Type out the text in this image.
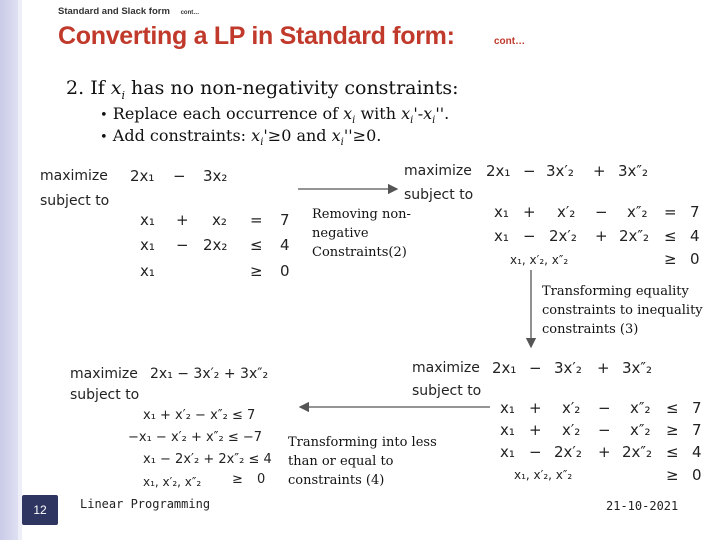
Standard and Slack form cont…
Converting a LP in Standard form:	cont…
2. If $x_i$ has no non-negativity constraints:
• Replace each occurrence of $x_i$ with $x_i'-x_i''$.
• Add constraints: $x_i'\ge 0$ and $x_i''\ge 0$.
maximize
subject to
2x₁ − 3x₂
x₁ + x₂ = 7
x₁ − 2x₂ ≤ 4
x₁	≥ 0
maximize
subject to
2x₁ − 3x′₂ + 3x″₂
x₁ + x′₂ − x″₂ = 7
x₁ − 2x′₂ + 2x″₂ ≤ 4
x₁, x′₂, x″₂	≥ 0
maximize
subject to
2x₁ − 3x′₂ + 3x″₂
x₁ + x′₂ − x″₂ ≤ 7
−x₁ − x′₂ + x″₂ ≤ −7
x₁ − 2x′₂ + 2x″₂ ≤ 4
x₁, x′₂, x″₂ ≥ 0
maximize
subject to
2x₁ − 3x′₂ + 3x″₂
x₁ + x′₂ − x″₂ ≤ 7
x₁ + x′₂ − x″₂ ≥ 7
x₁ − 2x′₂ + 2x″₂ ≤ 4
x₁, x′₂, x″₂	≥ 0
Removing non-negative Constraints(2)
Transforming equality constraints to inequality constraints (3)
Transforming into less than or equal to constraints (4)
12	Linear Programming	21-10-2021
